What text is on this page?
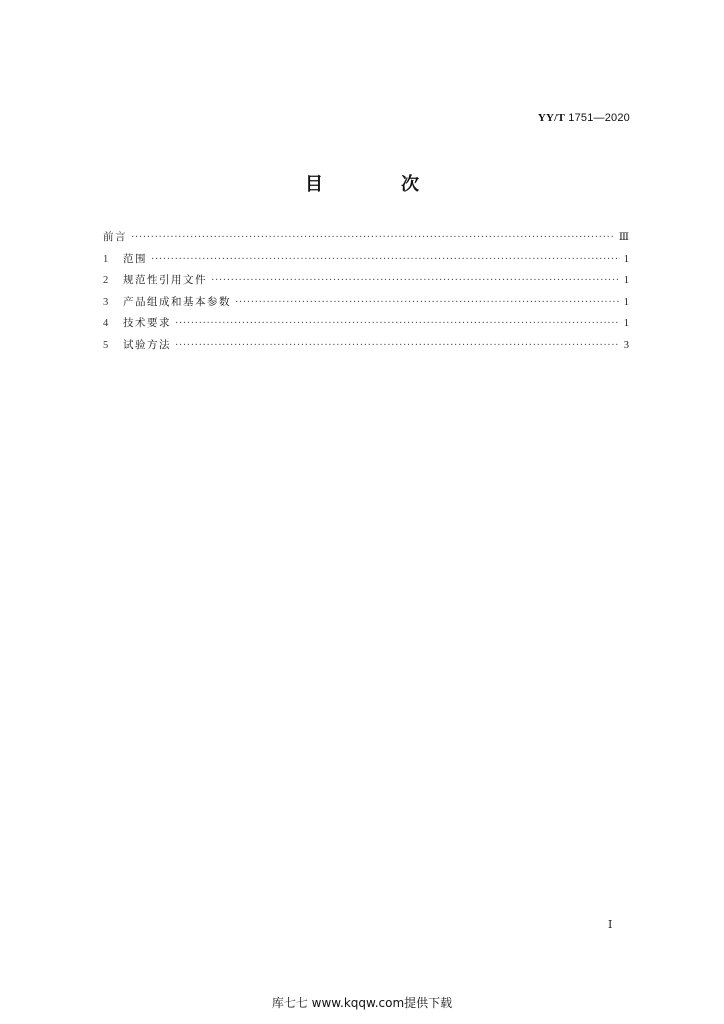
YY/T 1751—2020
目　次
前言 ·····	Ⅲ
1	范围 ·····	1
2	规范性引用文件 ·····	1
3	产品组成和基本参数 ·····	1
4	技术要求 ·····	1
5	试验方法 ·····	3
Ⅰ
库七七 www.kqqw.com提供下载
